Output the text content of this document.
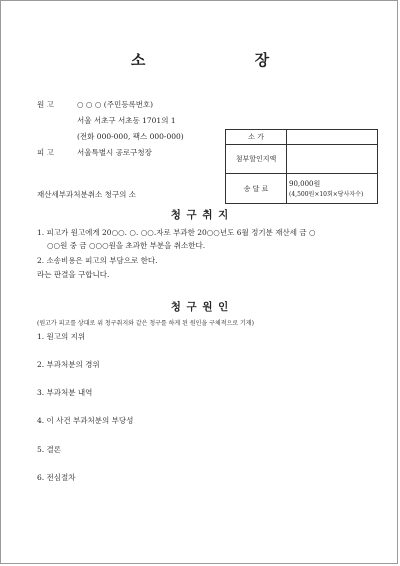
소 장
원 고	○ ○ ○ (주민등록번호)
서울 서초구 서초동 1701의 1
(전화 000-000, 팩스 000-000)
피 고	서울특별시 공로구청장
재산세부과처분취소 청구의 소
소 가	
첨부할인지액	
송 달 료	90,000원
(4,500원×10회×당사자수)
청 구 취 지
1. 피고가 원고에게 20○○. ○. ○○.자로 부과한 20○○년도 6월 정기분 재산세 금 ○
○○원 중 금 ○○○원을 초과한 부분을 취소한다.
2. 소송비용은 피고의 부담으로 한다.
라는 판결을 구합니다.
청 구 원 인
(원고가 피고를 상대로 위 청구취지와 같은 청구를 하게 된 원인을 구체적으로 기재)
1. 원고의 지위
2. 부과처분의 경위
3. 부과처분 내역
4. 이 사건 부과처분의 부당성
5. 결론
6. 전심절차
